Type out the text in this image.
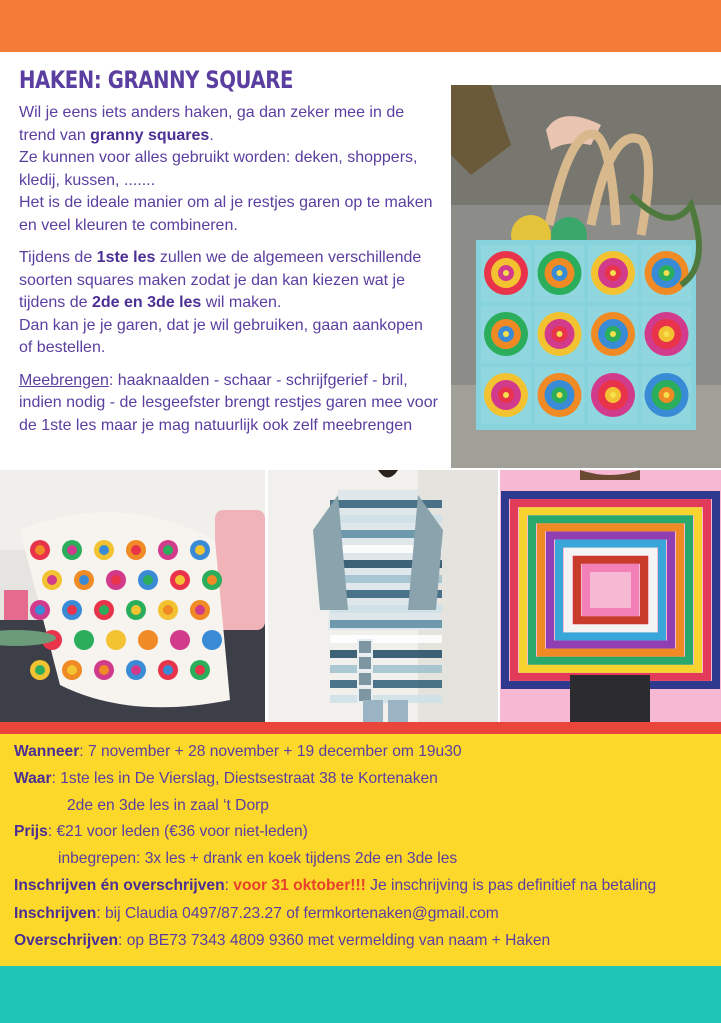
HAKEN: GRANNY SQUARE

Wil je eens iets anders haken, ga dan zeker mee in de trend van granny squares.
Ze kunnen voor alles gebruikt worden: deken, shoppers, kledij, kussen, .......
Het is de ideale manier om al je restjes garen op te maken en veel kleuren te combineren.

Tijdens de 1ste les zullen we de algemeen verschillende soorten squares maken zodat je dan kan kiezen wat je tijdens de 2de en 3de les wil maken.
Dan kan je je garen, dat je wil gebruiken, gaan aankopen of bestellen.

Meebrengen: haaknaalden - schaar - schrijfgerief - bril, indien nodig - de lesgeefster brengt restjes garen mee voor de 1ste les maar je mag natuurlijk ook zelf meebrengen

Wanneer: 7 november + 28 november + 19 december om 19u30
Waar: 1ste les in De Vierslag, Diestsestraat 38 te Kortenaken
2de en 3de les in zaal ‘t Dorp
Prijs: €21 voor leden (€36 voor niet-leden)
inbegrepen: 3x les + drank en koek tijdens 2de en 3de les
Inschrijven én overschrijven: voor 31 oktober!!! Je inschrijving is pas definitief na betaling
Inschrijven: bij Claudia 0497/87.23.27 of fermkortenaken@gmail.com
Overschrijven: op BE73 7343 4809 9360 met vermelding van naam + Haken
